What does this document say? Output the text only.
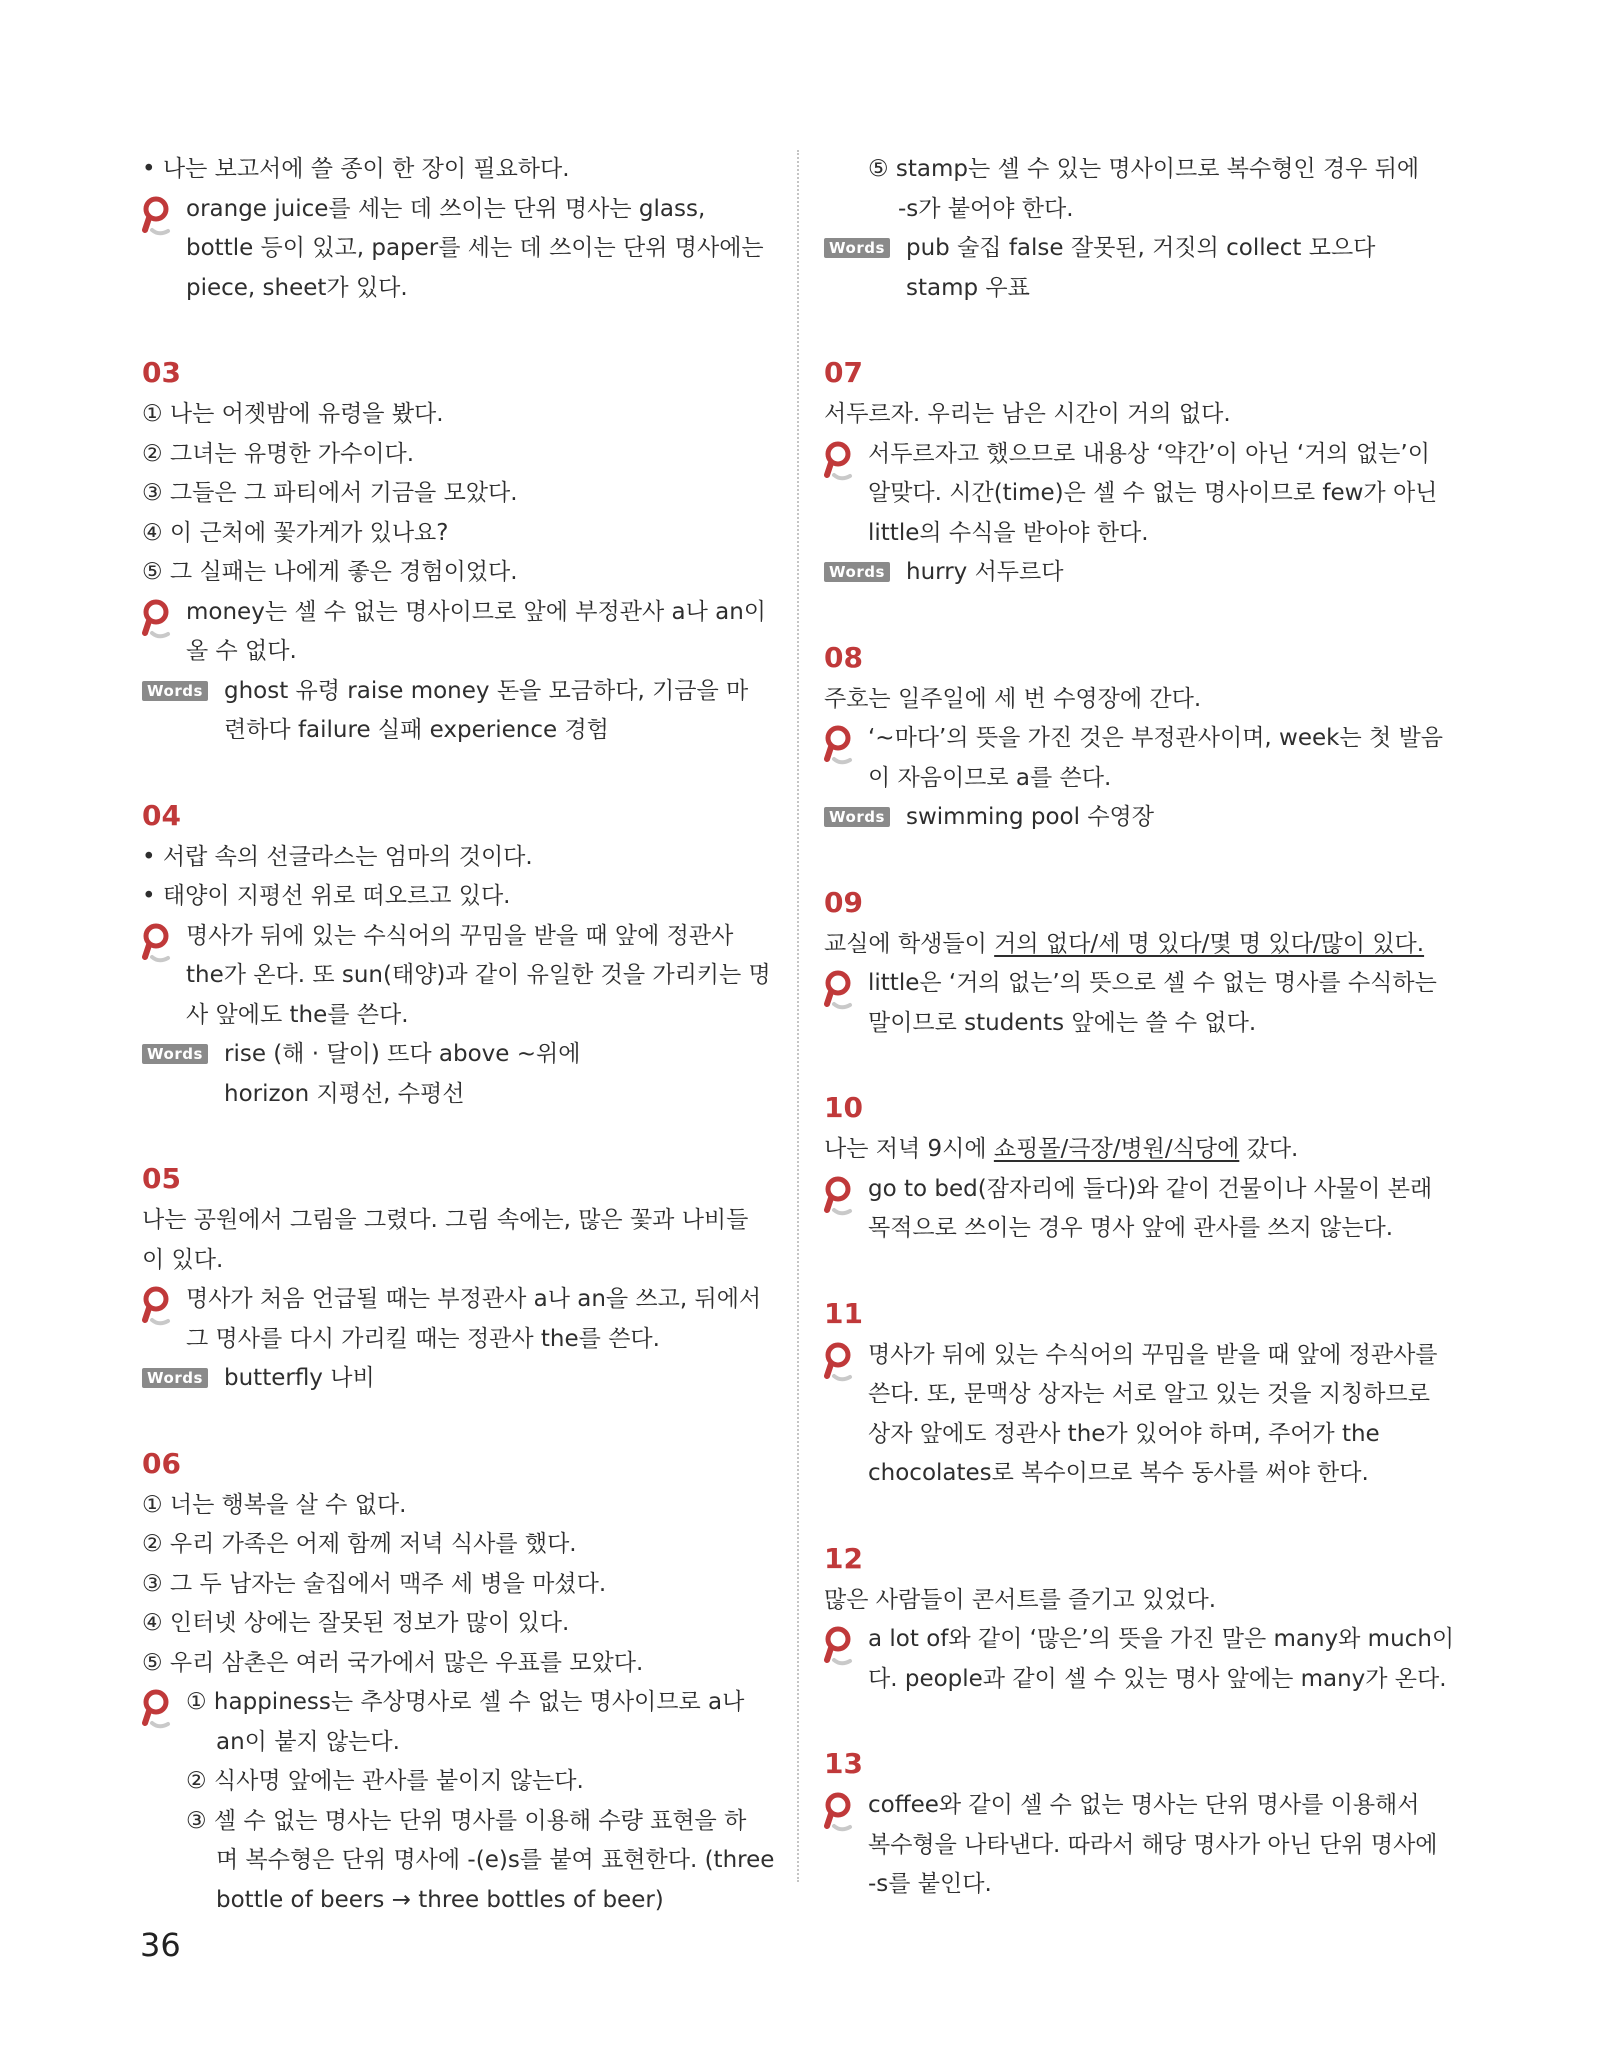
• 나는 보고서에 쓸 종이 한 장이 필요하다.
orange juice를 세는 데 쓰이는 단위 명사는 glass,
bottle 등이 있고, paper를 세는 데 쓰이는 단위 명사에는
piece, sheet가 있다.
03
① 나는 어젯밤에 유령을 봤다.
② 그녀는 유명한 가수이다.
③ 그들은 그 파티에서 기금을 모았다.
④ 이 근처에 꽃가게가 있나요?
⑤ 그 실패는 나에게 좋은 경험이었다.
money는 셀 수 없는 명사이므로 앞에 부정관사 a나 an이
올 수 없다.
Words ghost 유령 raise money 돈을 모금하다, 기금을 마
련하다 failure 실패 experience 경험
04
• 서랍 속의 선글라스는 엄마의 것이다.
• 태양이 지평선 위로 떠오르고 있다.
명사가 뒤에 있는 수식어의 꾸밈을 받을 때 앞에 정관사
the가 온다. 또 sun(태양)과 같이 유일한 것을 가리키는 명
사 앞에도 the를 쓴다.
Words rise (해 · 달이) 뜨다 above ~위에
horizon 지평선, 수평선
05
나는 공원에서 그림을 그렸다. 그림 속에는, 많은 꽃과 나비들
이 있다.
명사가 처음 언급될 때는 부정관사 a나 an을 쓰고, 뒤에서
그 명사를 다시 가리킬 때는 정관사 the를 쓴다.
Words butterfly 나비
06
① 너는 행복을 살 수 없다.
② 우리 가족은 어제 함께 저녁 식사를 했다.
③ 그 두 남자는 술집에서 맥주 세 병을 마셨다.
④ 인터넷 상에는 잘못된 정보가 많이 있다.
⑤ 우리 삼촌은 여러 국가에서 많은 우표를 모았다.
① happiness는 추상명사로 셀 수 없는 명사이므로 a나
an이 붙지 않는다.
② 식사명 앞에는 관사를 붙이지 않는다.
③ 셀 수 없는 명사는 단위 명사를 이용해 수량 표현을 하
며 복수형은 단위 명사에 -(e)s를 붙여 표현한다. (three
bottle of beers → three bottles of beer)
⑤ stamp는 셀 수 있는 명사이므로 복수형인 경우 뒤에
-s가 붙어야 한다.
Words pub 술집 false 잘못된, 거짓의 collect 모으다
stamp 우표
07
서두르자. 우리는 남은 시간이 거의 없다.
서두르자고 했으므로 내용상 ‘약간’이 아닌 ‘거의 없는’이
알맞다. 시간(time)은 셀 수 없는 명사이므로 few가 아닌
little의 수식을 받아야 한다.
Words hurry 서두르다
08
주호는 일주일에 세 번 수영장에 간다.
‘~마다’의 뜻을 가진 것은 부정관사이며, week는 첫 발음
이 자음이므로 a를 쓴다.
Words swimming pool 수영장
09
교실에 학생들이 거의 없다/세 명 있다/몇 명 있다/많이 있다.
little은 ‘거의 없는’의 뜻으로 셀 수 없는 명사를 수식하는
말이므로 students 앞에는 쓸 수 없다.
10
나는 저녁 9시에 쇼핑몰/극장/병원/식당에 갔다.
go to bed(잠자리에 들다)와 같이 건물이나 사물이 본래
목적으로 쓰이는 경우 명사 앞에 관사를 쓰지 않는다.
11
명사가 뒤에 있는 수식어의 꾸밈을 받을 때 앞에 정관사를
쓴다. 또, 문맥상 상자는 서로 알고 있는 것을 지칭하므로
상자 앞에도 정관사 the가 있어야 하며, 주어가 the
chocolates로 복수이므로 복수 동사를 써야 한다.
12
많은 사람들이 콘서트를 즐기고 있었다.
a lot of와 같이 ‘많은’의 뜻을 가진 말은 many와 much이
다. people과 같이 셀 수 있는 명사 앞에는 many가 온다.
13
coffee와 같이 셀 수 없는 명사는 단위 명사를 이용해서
복수형을 나타낸다. 따라서 해당 명사가 아닌 단위 명사에
-s를 붙인다.
36
